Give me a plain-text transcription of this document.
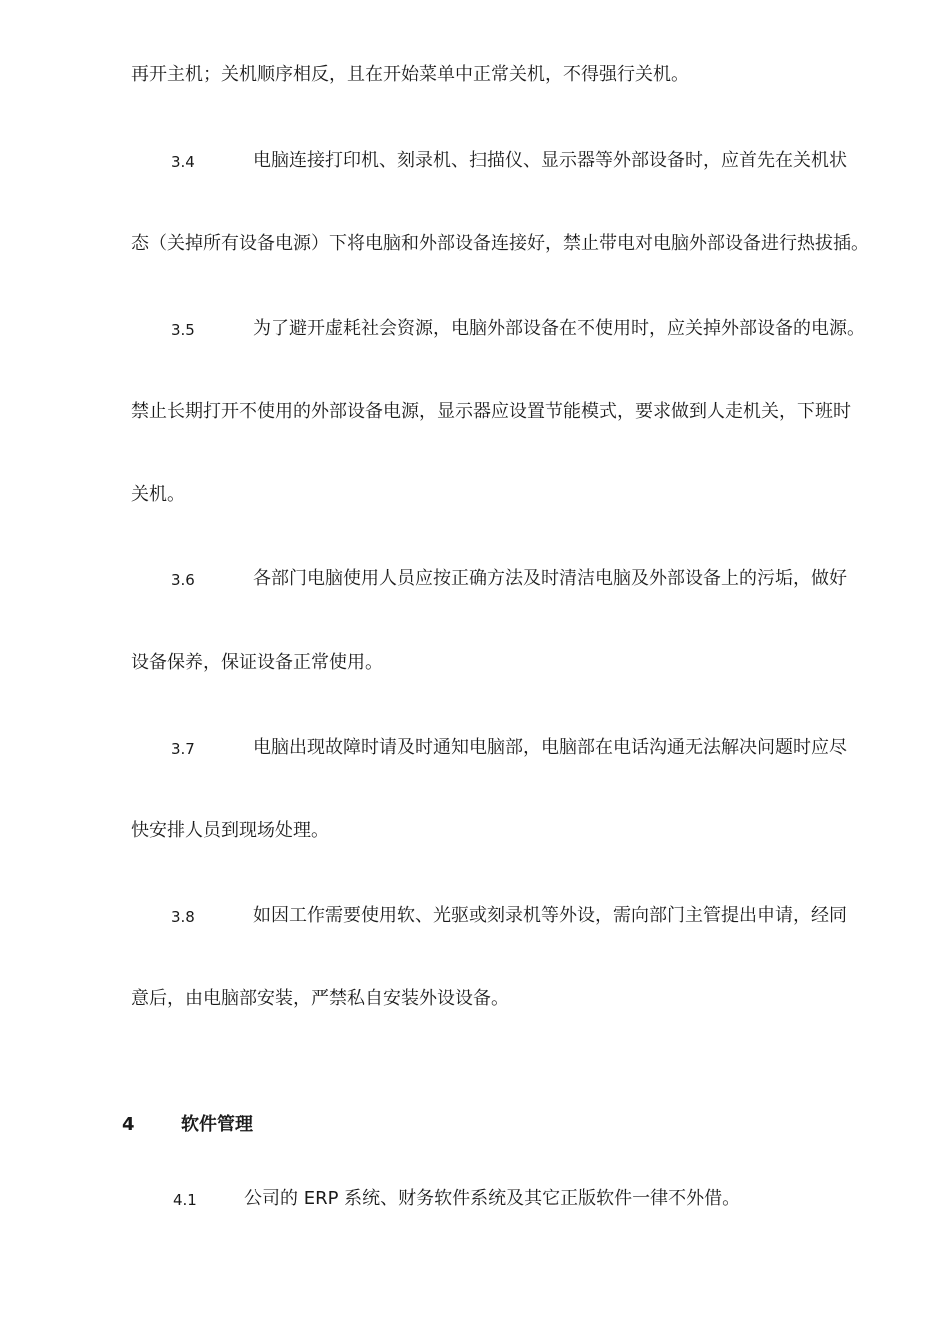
再开主机；关机顺序相反，且在开始菜单中正常关机，不得强行关机。
3.4	电脑连接打印机、刻录机、扫描仪、显示器等外部设备时，应首先在关机状
态（关掉所有设备电源）下将电脑和外部设备连接好，禁止带电对电脑外部设备进行热拔插。
3.5	为了避开虚耗社会资源，电脑外部设备在不使用时，应关掉外部设备的电源。
禁止长期打开不使用的外部设备电源，显示器应设置节能模式，要求做到人走机关，下班时
关机。
3.6	各部门电脑使用人员应按正确方法及时清洁电脑及外部设备上的污垢，做好
设备保养，保证设备正常使用。
3.7	电脑出现故障时请及时通知电脑部，电脑部在电话沟通无法解决问题时应尽
快安排人员到现场处理。
3.8	如因工作需要使用软、光驱或刻录机等外设，需向部门主管提出申请，经同
意后，由电脑部安装，严禁私自安装外设设备。
4	软件管理
4.1	公司的 ERP 系统、财务软件系统及其它正版软件一律不外借。
